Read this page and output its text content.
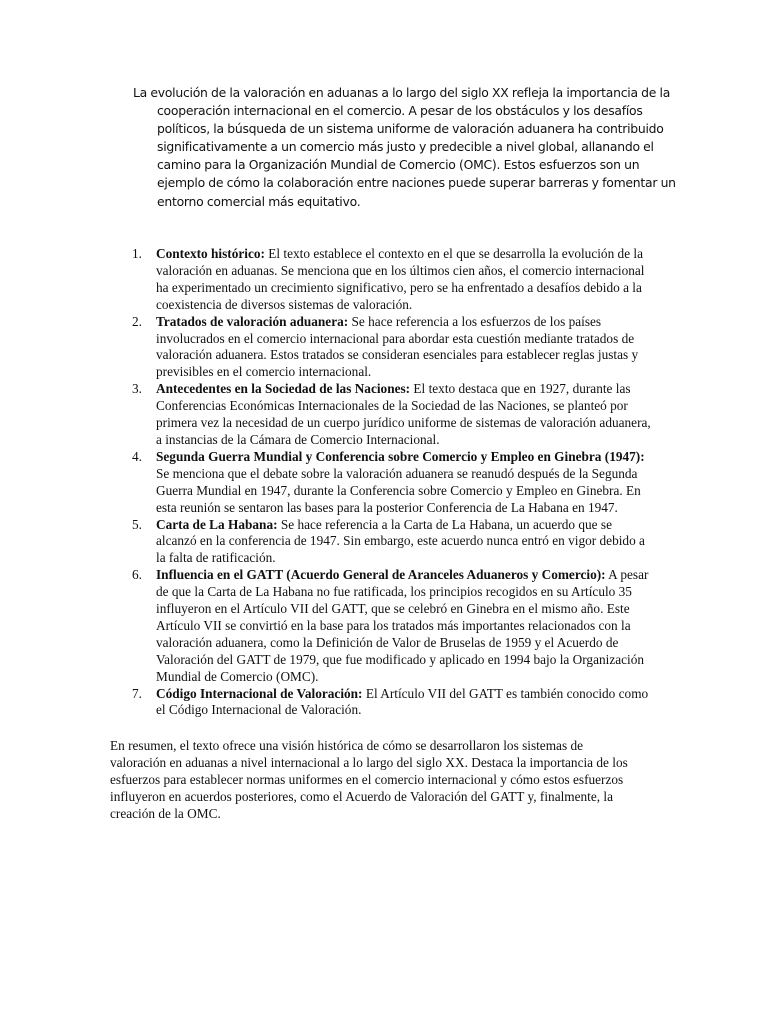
La evolución de la valoración en aduanas a lo largo del siglo XX refleja la importancia de la cooperación internacional en el comercio. A pesar de los obstáculos y los desafíos políticos, la búsqueda de un sistema uniforme de valoración aduanera ha contribuido significativamente a un comercio más justo y predecible a nivel global, allanando el camino para la Organización Mundial de Comercio (OMC). Estos esfuerzos son un ejemplo de cómo la colaboración entre naciones puede superar barreras y fomentar un entorno comercial más equitativo.

1. Contexto histórico: El texto establece el contexto en el que se desarrolla la evolución de la valoración en aduanas. Se menciona que en los últimos cien años, el comercio internacional ha experimentado un crecimiento significativo, pero se ha enfrentado a desafíos debido a la coexistencia de diversos sistemas de valoración.
2. Tratados de valoración aduanera: Se hace referencia a los esfuerzos de los países involucrados en el comercio internacional para abordar esta cuestión mediante tratados de valoración aduanera. Estos tratados se consideran esenciales para establecer reglas justas y previsibles en el comercio internacional.
3. Antecedentes en la Sociedad de las Naciones: El texto destaca que en 1927, durante las Conferencias Económicas Internacionales de la Sociedad de las Naciones, se planteó por primera vez la necesidad de un cuerpo jurídico uniforme de sistemas de valoración aduanera, a instancias de la Cámara de Comercio Internacional.
4. Segunda Guerra Mundial y Conferencia sobre Comercio y Empleo en Ginebra (1947): Se menciona que el debate sobre la valoración aduanera se reanudó después de la Segunda Guerra Mundial en 1947, durante la Conferencia sobre Comercio y Empleo en Ginebra. En esta reunión se sentaron las bases para la posterior Conferencia de La Habana en 1947.
5. Carta de La Habana: Se hace referencia a la Carta de La Habana, un acuerdo que se alcanzó en la conferencia de 1947. Sin embargo, este acuerdo nunca entró en vigor debido a la falta de ratificación.
6. Influencia en el GATT (Acuerdo General de Aranceles Aduaneros y Comercio): A pesar de que la Carta de La Habana no fue ratificada, los principios recogidos en su Artículo 35 influyeron en el Artículo VII del GATT, que se celebró en Ginebra en el mismo año. Este Artículo VII se convirtió en la base para los tratados más importantes relacionados con la valoración aduanera, como la Definición de Valor de Bruselas de 1959 y el Acuerdo de Valoración del GATT de 1979, que fue modificado y aplicado en 1994 bajo la Organización Mundial de Comercio (OMC).
7. Código Internacional de Valoración: El Artículo VII del GATT es también conocido como el Código Internacional de Valoración.

En resumen, el texto ofrece una visión histórica de cómo se desarrollaron los sistemas de valoración en aduanas a nivel internacional a lo largo del siglo XX. Destaca la importancia de los esfuerzos para establecer normas uniformes en el comercio internacional y cómo estos esfuerzos influyeron en acuerdos posteriores, como el Acuerdo de Valoración del GATT y, finalmente, la creación de la OMC.
